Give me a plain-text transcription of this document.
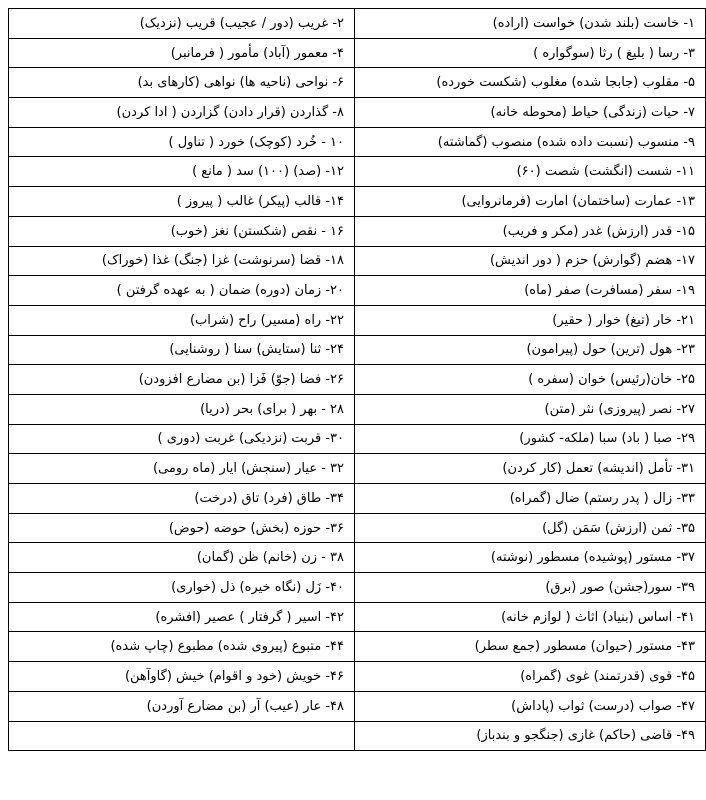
۱- خاست (بلند شدن) خواست (اراده)	۲- غریب (دور / عجیب) قریب (نزدیک)
۳- رسا ( بلیغ ) رثا (سوگواره )	۴- معمور (آباد) مأمور ( فرمانبر)
۵- مقلوب (جابجا شده) مغلوب (شکست خورده)	۶- نواحی (ناحیه ها) نواهی (کارهای بد)
۷- حیات (زندگی) حیاط (محوطه خانه)	۸- گذاردن (قرار دادن) گزاردن ( ادا کردن)
۹- منسوب (نسبت داده شده) منصوب (گماشته)	۱۰ - خُرد (کوچک) خورد ( تناول )
۱۱- شست (انگشت) شصت (۶۰)	۱۲- (صد) (۱۰۰) سد ( مانع )
۱۳- عمارت (ساختمان) امارت (فرمانروایی)	۱۴- قالب (پیکر) غالب ( پیروز )
۱۵- قدر (ارزش) غدر (مکر و فریب)	۱۶ - نقص (شکستن) نغز (خوب)
۱۷- هضم (گوارش) حزم ( دور اندیش)	۱۸- قضا (سرنوشت) غزا (جنگ) غذا (خوراک)
۱۹- سفر (مسافرت) صفر (ماه)	۲۰- زمان (دوره) ضمان ( به عهده گرفتن )
۲۱- خار (تیغ) خوار ( حقیر)	۲۲- راه (مسیر) راح (شراب)
۲۳- هول (ترین) حول (پیرامون)	۲۴- ثنا (ستایش) سنا ( روشنایی)
۲۵- خان(رئیس) خوان (سفره )	۲۶- فضا (جوّ) فَزا (بن مضارع افزودن)
۲۷- نصر (پیروزی) نثر (متن)	۲۸ - بهر ( برای) بحر (دریا)
۲۹- صبا ( باد) سبا (ملکه- کشور)	۳۰- قربت (نزدیکی) غربت (دوری )
۳۱- تأمل (اندیشه) تعمل (کار کردن)	۳۲ - عیار (سنجش) ایار (ماه رومی)
۳۳- زال ( پدر رستم) ضال (گمراه)	۳۴- طاق (فرد) تاق (درخت)
۳۵- ثمن (ارزش) سَمَن (گل)	۳۶- حوزه (بخش) حوضه (حوض)
۳۷- مستور (پوشیده) مسطور (نوشته)	۳۸ - زن (خانم) ظن (گمان)
۳۹- سور(جشن) صور (برق)	۴۰- زَل (نگاه خیره) ذل (خواری)
۴۱- اساس (بنیاد) اثاث ( لوازم خانه)	۴۲- اسیر ( گرفتار ) عصیر (افشره)
۴۳- مستور (حیوان) مسطور (جمع سطر)	۴۴- متبوع (پیروی شده) مطبوع (چاپ شده)
۴۵- قوی (قدرتمند) غوی (گمراه)	۴۶- خویش (خود و اقوام) خیش (گاوآهن)
۴۷- صواب (درست) ثواب (پاداش)	۴۸- عار (عیب) آر (بن مضارع آوردن)
۴۹- قاضی (حاکم) غازی (جنگجو و بندباز)	
